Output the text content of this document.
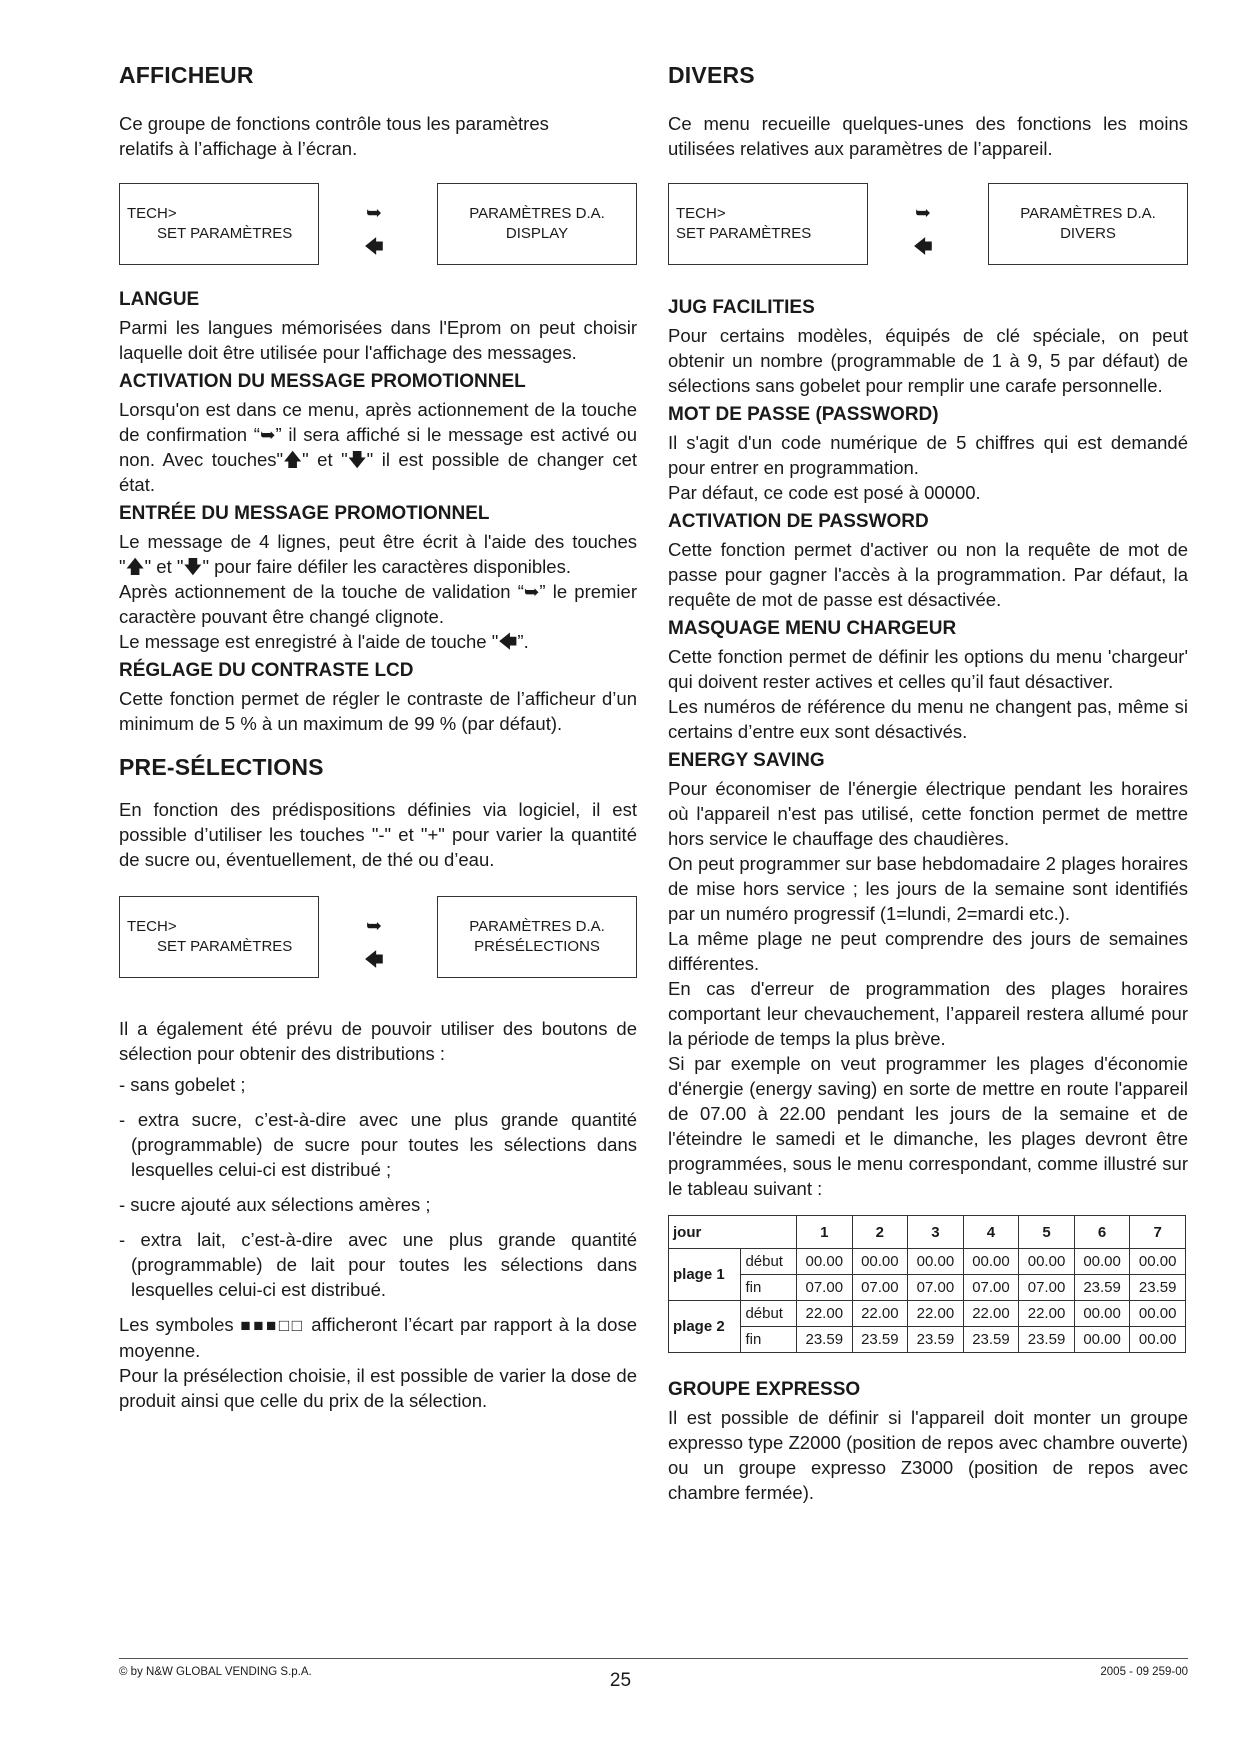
AFFICHEUR

Ce groupe de fonctions contrôle tous les paramètres
relatifs à l’affichage à l’écran.

TECH>
SET PARAMÈTRES
➥
🡄
PARAMÈTRES D.A.
DISPLAY
LANGUE

Parmi les langues mémorisées dans l'Eprom on peut choisir laquelle doit être utilisée pour l'affichage des messages.

ACTIVATION DU MESSAGE PROMOTIONNEL

Lorsqu'on est dans ce menu, après actionnement de la touche de confirmation “➥” il sera affiché si le message est activé ou non. Avec touches"🡅" et "🡇" il est possible de changer cet état.

ENTRÉE DU MESSAGE PROMOTIONNEL

Le message de 4 lignes, peut être écrit à l'aide des touches "🡅" et "🡇" pour faire défiler les caractères disponibles.
Après actionnement de la touche de validation “➥” le premier caractère pouvant être changé clignote.
Le message est enregistré à l'aide de touche "🡄”.

RÉGLAGE DU CONTRASTE LCD

Cette fonction permet de régler le contraste de l’afficheur d’un minimum de 5 % à un maximum de 99 % (par défaut).

PRE-SÉLECTIONS

En fonction des prédispositions définies via logiciel, il est possible d’utiliser les touches "-" et "+" pour varier la quantité de sucre ou, éventuellement, de thé ou d’eau.

TECH>
SET PARAMÈTRES
➥
🡄
PARAMÈTRES D.A.
PRÉSÉLECTIONS

Il a également été prévu de pouvoir utiliser des boutons de sélection pour obtenir des distributions :

- sans gobelet ;

- extra sucre, c’est-à-dire avec une plus grande quantité (programmable) de sucre pour toutes les sélections dans lesquelles celui-ci est distribué ;

- sucre ajouté aux sélections amères ;

- extra lait, c’est-à-dire avec une plus grande quantité (programmable) de lait pour toutes les sélections dans lesquelles celui-ci est distribué.

Les symboles ■■■□□ afficheront l’écart par rapport à la dose moyenne.

Pour la présélection choisie, il est possible de varier la dose de produit ainsi que celle du prix de la sélection.

DIVERS

Ce menu recueille quelques-unes des fonctions les moins utilisées relatives aux paramètres de l’appareil.

TECH>
SET PARAMÈTRES
➥
🡄
PARAMÈTRES D.A.
DIVERS
JUG FACILITIES

Pour certains modèles, équipés de clé spéciale, on peut obtenir un nombre (programmable de 1 à 9, 5 par défaut) de sélections sans gobelet pour remplir une carafe personnelle.

MOT DE PASSE (PASSWORD)

Il s'agit d'un code numérique de 5 chiffres qui est demandé pour entrer en programmation.
Par défaut, ce code est posé à 00000.

ACTIVATION DE PASSWORD

Cette fonction permet d'activer ou non la requête de mot de passe pour gagner l'accès à la programmation. Par défaut, la requête de mot de passe est désactivée.

MASQUAGE MENU CHARGEUR

Cette fonction permet de définir les options du menu 'chargeur' qui doivent rester actives et celles qu’il faut désactiver.
Les numéros de référence du menu ne changent pas, même si certains d’entre eux sont désactivés.

ENERGY SAVING

Pour économiser de l'énergie électrique pendant les horaires où l'appareil n'est pas utilisé, cette fonction permet de mettre hors service le chauffage des chaudières.
On peut programmer sur base hebdomadaire 2 plages horaires de mise hors service ; les jours de la semaine sont identifiés par un numéro progressif (1=lundi, 2=mardi etc.).
La même plage ne peut comprendre des jours de semaines différentes.
En cas d'erreur de programmation des plages horaires comportant leur chevauchement, l’appareil restera allumé pour la période de temps la plus brève.
Si par exemple on veut programmer les plages d'économie d'énergie (energy saving) en sorte de mettre en route l'appareil de 07.00 à 22.00 pendant les jours de la semaine et de l'éteindre le samedi et le dimanche, les plages devront être programmées, sous le menu correspondant, comme illustré sur le tableau suivant :

jour		1	2	3	4	5	6	7
plage 1	début	00.00	00.00	00.00	00.00	00.00	00.00	00.00
	fin	07.00	07.00	07.00	07.00	07.00	23.59	23.59
plage 2	début	22.00	22.00	22.00	22.00	22.00	00.00	00.00
	fin	23.59	23.59	23.59	23.59	23.59	00.00	00.00
GROUPE EXPRESSO

Il est possible de définir si l'appareil doit monter un groupe expresso type Z2000 (position de repos avec chambre ouverte) ou un groupe expresso Z3000 (position de repos avec chambre fermée).

© by N&W GLOBAL VENDING S.p.A.	25	2005 - 09 259-00
